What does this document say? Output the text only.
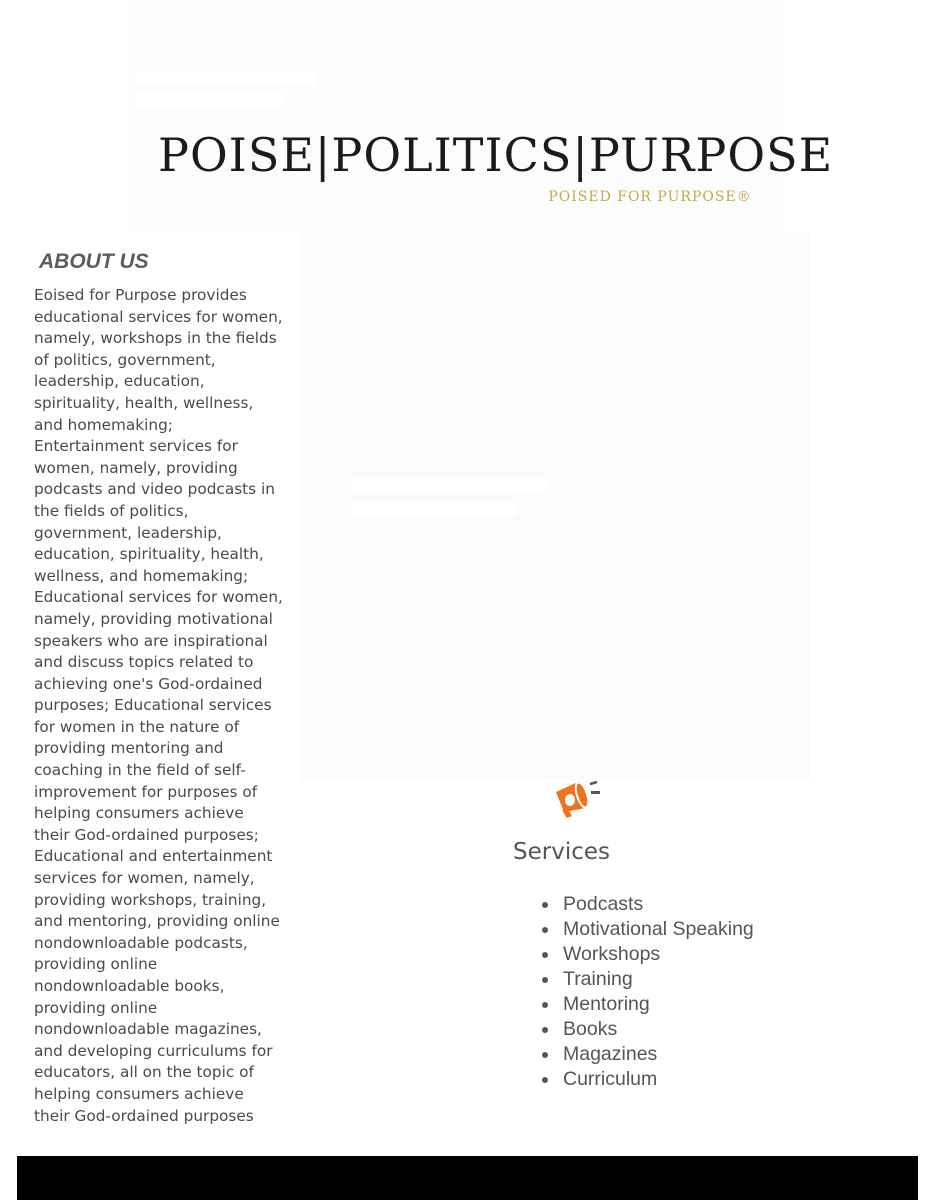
POISE|POLITICS|PURPOSE
POISED FOR PURPOSE®
ABOUT US

Eoised for Purpose provides educational services for women, namely, workshops in the fields of politics, government, leadership, education, spirituality, health, wellness, and homemaking; Entertainment services for women, namely, providing podcasts and video podcasts in the fields of politics, government, leadership, education, spirituality, health, wellness, and homemaking; Educational services for women, namely, providing motivational speakers who are inspirational and discuss topics related to achieving one's God-ordained purposes; Educational services for women in the nature of providing mentoring and coaching in the field of self-improvement for purposes of helping consumers achieve their God-ordained purposes; Educational and entertainment services for women, namely, providing workshops, training, and mentoring, providing online nondownloadable podcasts, providing online nondownloadable books, providing online nondownloadable magazines, and developing curriculums for educators, all on the topic of helping consumers achieve their God-ordained purposes

Services
Podcasts
Motivational Speaking
Workshops
Training
Mentoring
Books
Magazines
Curriculum
